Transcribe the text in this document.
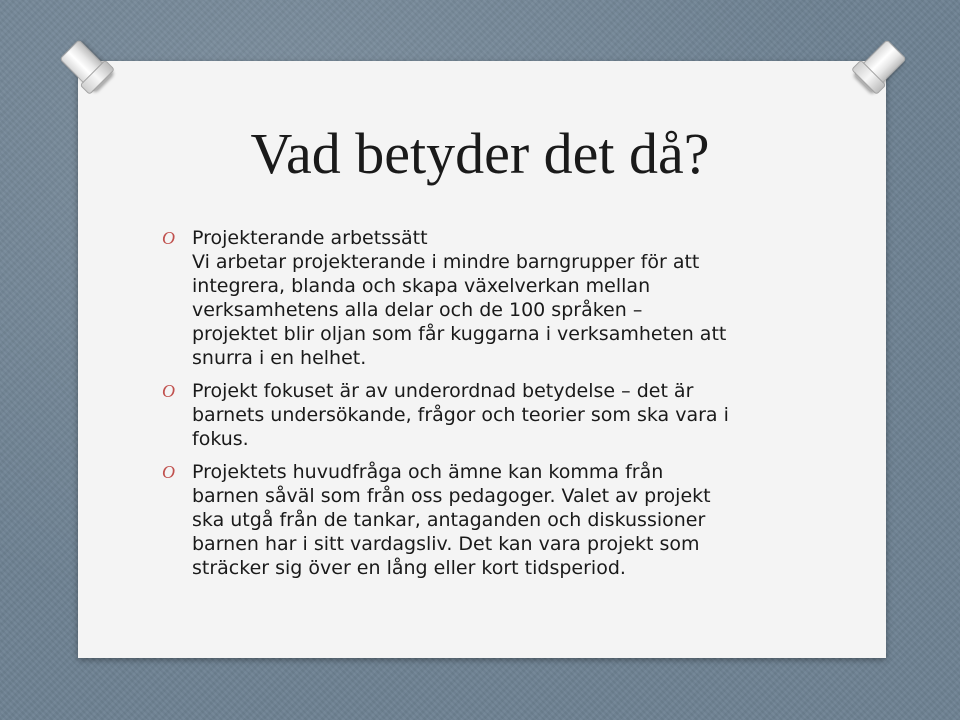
Vad betyder det då?
O Projekterande arbetssätt
Vi arbetar projekterande i mindre barngrupper för att
integrera, blanda och skapa växelverkan mellan
verksamhetens alla delar och de 100 språken –
projektet blir oljan som får kuggarna i verksamheten att
snurra i en helhet.
O Projekt fokuset är av underordnad betydelse – det är
barnets undersökande, frågor och teorier som ska vara i
fokus.
O Projektets huvudfråga och ämne kan komma från
barnen såväl som från oss pedagoger. Valet av projekt
ska utgå från de tankar, antaganden och diskussioner
barnen har i sitt vardagsliv. Det kan vara projekt som
sträcker sig över en lång eller kort tidsperiod.
